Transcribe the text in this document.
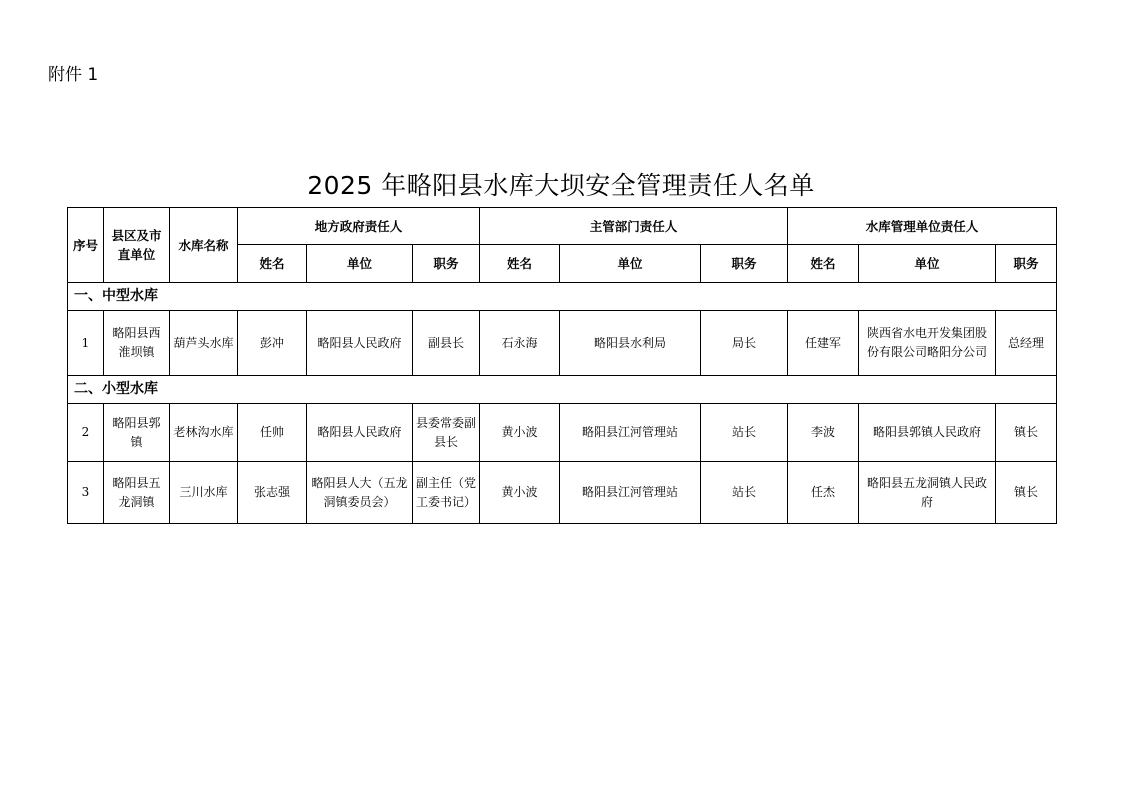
附件 1
2025 年略阳县水库大坝安全管理责任人名单
序号	县区及市直单位	水库名称	地方政府责任人			主管部门责任人			水库管理单位责任人		
			姓名	单位	职务	姓名	单位	职务	姓名	单位	职务
一、中型水库											
1	略阳县西淮坝镇	葫芦头水库	彭冲	略阳县人民政府	副县长	石永海	略阳县水利局	局长	任建军	陕西省水电开发集团股份有限公司略阳分公司	总经理
二、小型水库											
2	略阳县郭镇	老林沟水库	任帅	略阳县人民政府	县委常委副县长	黄小波	略阳县江河管理站	站长	李波	略阳县郭镇人民政府	镇长
3	略阳县五龙洞镇	三川水库	张志强	略阳县人大（五龙洞镇委员会）	副主任（党工委书记）	黄小波	略阳县江河管理站	站长	任杰	略阳县五龙洞镇人民政府	镇长
